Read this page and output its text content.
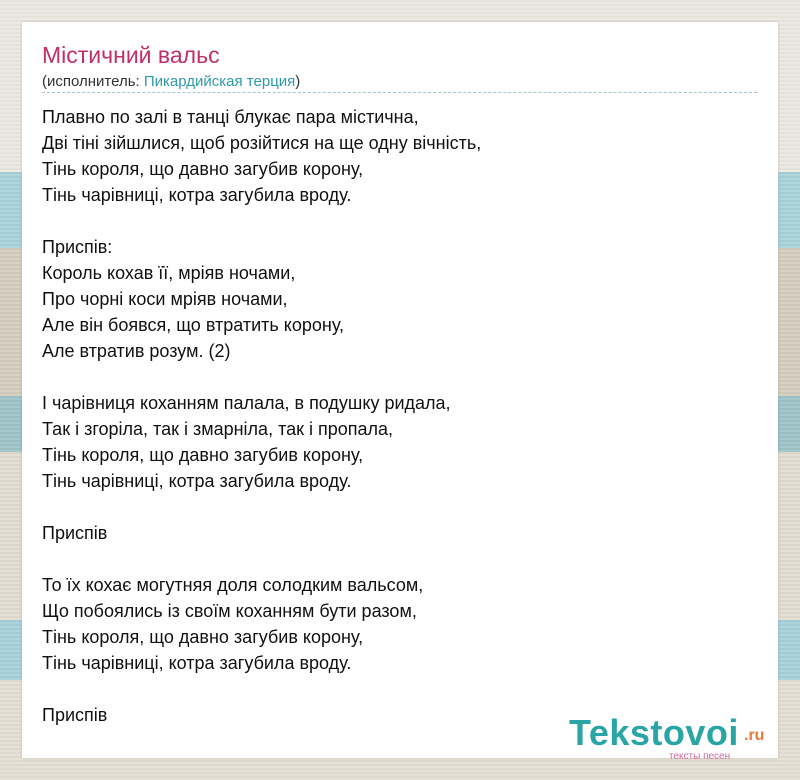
Містичний вальс
(исполнитель: Пикардийская терция)
Плавно по залі в танці блукає пара містична,
Дві тіні зійшлися, щоб розійтися на ще одну вічність,
Тінь короля, що давно загубив корону,
Тінь чарівниці, котра загубила вроду.
Приспів:
Король кохав її, мріяв ночами,
Про чорні коси мріяв ночами,
Але він боявся, що втратить корону,
Але втратив розум. (2)
І чарівниця коханням палала, в подушку ридала,
Так і згоріла, так і змарніла, так і пропала,
Тінь короля, що давно загубив корону,
Тінь чарівниці, котра загубила вроду.
Приспів
То їх кохає могутняя доля солодким вальсом,
Що побоялись із своїм коханням бути разом,
Тінь короля, що давно загубив корону,
Тінь чарівниці, котра загубила вроду.
Приспів	Tekstovoi .ru
тексты песен
